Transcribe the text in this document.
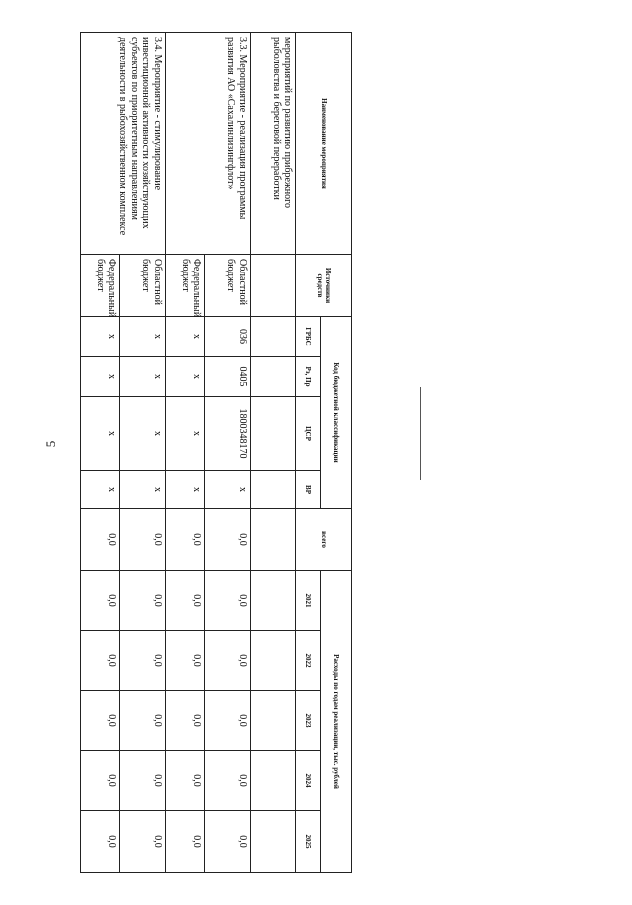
5
Наименование мероприятия	Источники средств	Код бюджетной классификации				всего	Расходы по годам реализации, тыс. рублей				
		ГРБС	Рз, Пр	ЦСР	ВР		2021	2022	2023	2024	2025
мероприятий по развитию прибрежного рыболовства и береговой переработки											
3.3. Мероприятие - реализация программы развития АО «Сахалинлизингфлот»	Областной бюджет	036	0405	1800348170	х	0,0	0,0	0,0	0,0	0,0	0,0
	Федеральный бюджет	х	х	х	х	0,0	0,0	0,0	0,0	0,0	0,0
3.4. Мероприятие - стимулирование инвестиционной активности хозяйствующих субъектов по приоритетным направлениям деятельности в рыбохозяйственном комплексе	Областной бюджет	х	х	х	х	0,0	0,0	0,0	0,0	0,0	0,0
	Федеральный бюджет	х	х	х	х	0,0	0,0	0,0	0,0	0,0	0,0
